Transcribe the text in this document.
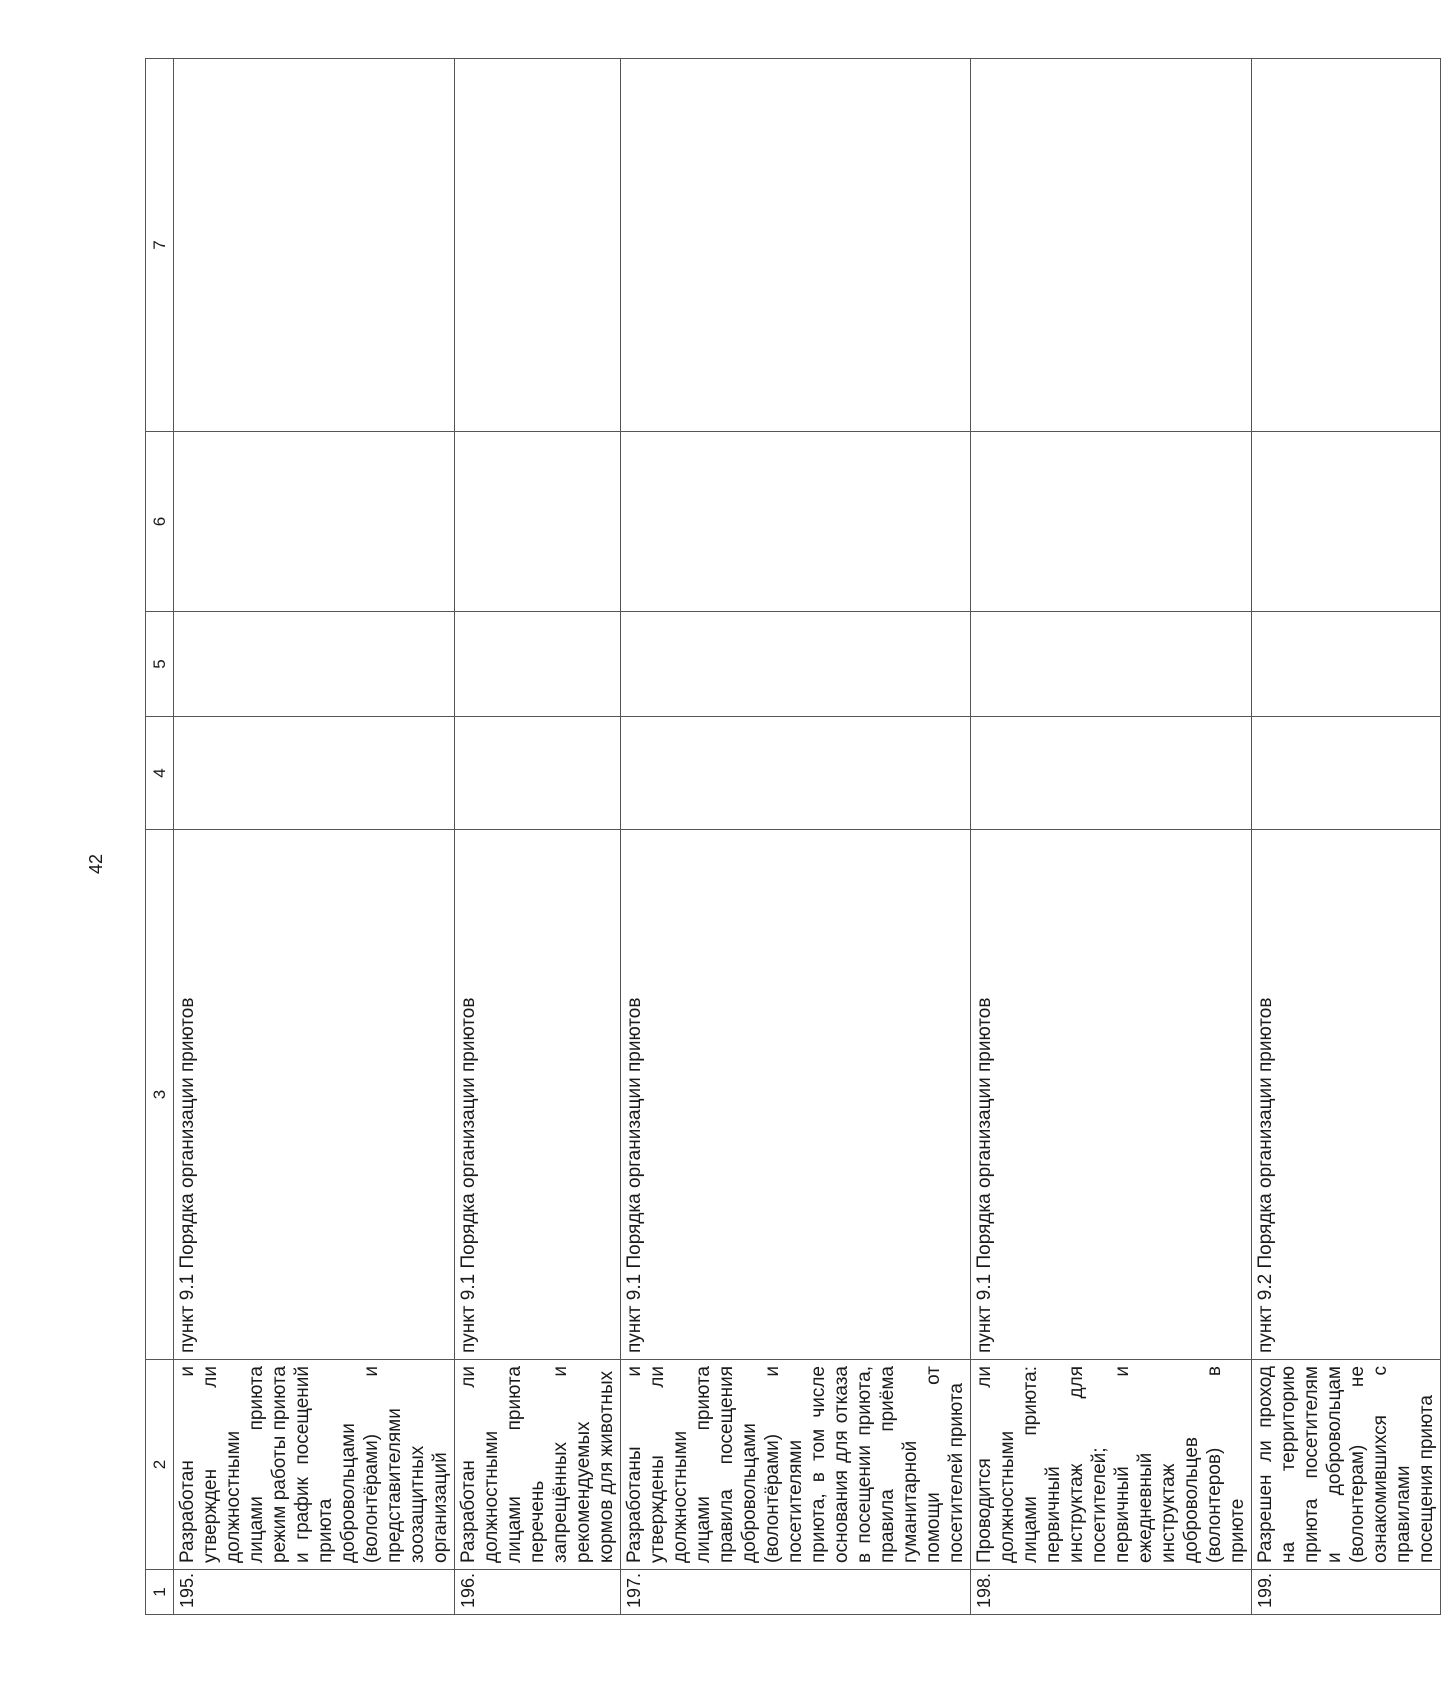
42
1	2	3	4	5	6	7
195.	Разработан и утвержден ли должностными лицами приюта режим работы приюта и график посещений приюта добровольцами (волонтёрами) и представителями зоозащитных организаций	пункт 9.1 Порядка организации приютов				
196.	Разработан ли должностными лицами приюта перечень запрещённых и рекомендуемых кормов для животных	пункт 9.1 Порядка организации приютов				
197.	Разработаны и утверждены ли должностными лицами приюта правила посещения добровольцами (волонтёрами) и посетителями приюта, в том числе основания для отказа в посещении приюта, правила приёма гуманитарной помощи от посетителей приюта	пункт 9.1 Порядка организации приютов				
198.	Проводится ли должностными лицами приюта: первичный инструктаж для посетителей; первичный и ежедневный инструктаж добровольцев (волонтеров) в приюте	пункт 9.1 Порядка организации приютов				
199.	Разрешен ли проход на территорию приюта посетителям и добровольцам (волонтерам) не ознакомившихся с правилами посещения приюта	пункт 9.2 Порядка организации приютов				
